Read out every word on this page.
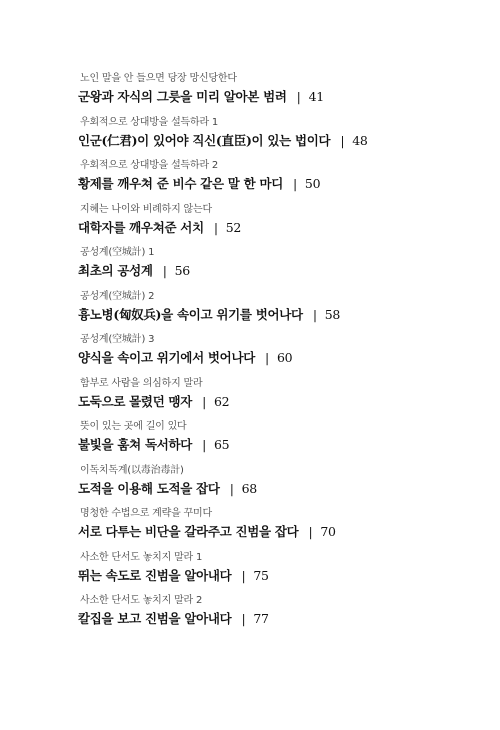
노인 말을 안 들으면 당장 망신당한다
군왕과 자식의 그릇을 미리 알아본 범려 | 41
우회적으로 상대방을 설득하라 1
인군(仁君)이 있어야 직신(直臣)이 있는 법이다 | 48
우회적으로 상대방을 설득하라 2
황제를 깨우쳐 준 비수 같은 말 한 마디 | 50
지혜는 나이와 비례하지 않는다
대학자를 깨우쳐준 서치 | 52
공성계(空城計) 1
최초의 공성계 | 56
공성계(空城計) 2
흉노병(匈奴兵)을 속이고 위기를 벗어나다 | 58
공성계(空城計) 3
양식을 속이고 위기에서 벗어나다 | 60
함부로 사람을 의심하지 말라
도둑으로 몰렸던 맹자 | 62
뜻이 있는 곳에 길이 있다
불빛을 훔쳐 독서하다 | 65
이독치독계(以毒治毒計)
도적을 이용해 도적을 잡다 | 68
명청한 수법으로 계략을 꾸미다
서로 다투는 비단을 갈라주고 진범을 잡다 | 70
사소한 단서도 놓치지 말라 1
뛰는 속도로 진범을 알아내다 | 75
사소한 단서도 놓치지 말라 2
칼집을 보고 진범을 알아내다 | 77
